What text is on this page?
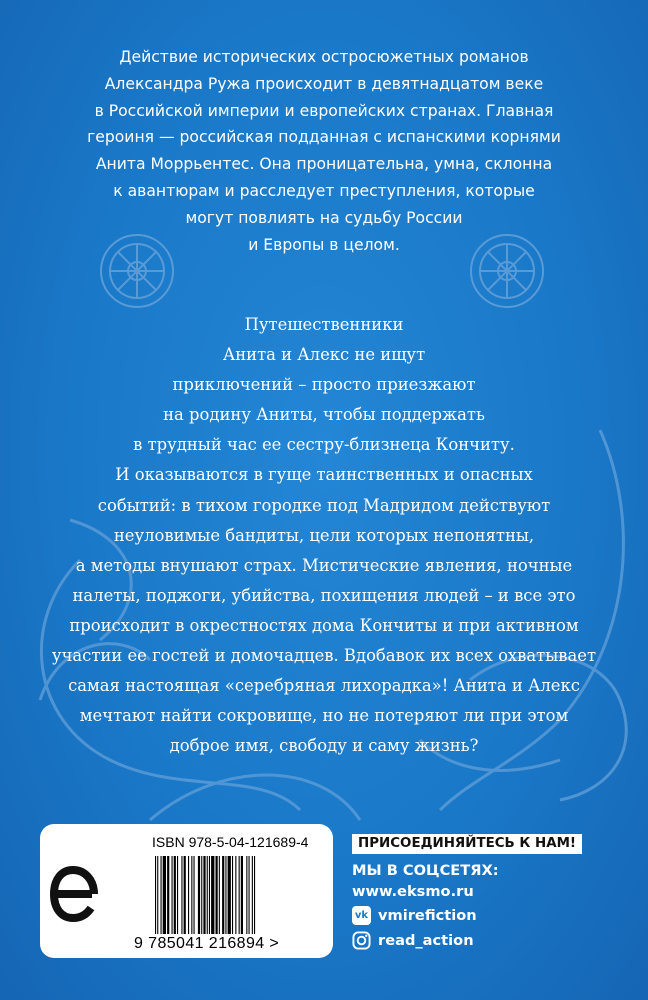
Действие исторических остросюжетных романов
Александра Ружа происходит в девятнадцатом веке
в Российской империи и европейских странах. Главная
героиня — российская подданная с испанскими корнями
Анита Моррьентес. Она проницательна, умна, склонна
к авантюрам и расследует преступления, которые
могут повлиять на судьбу России
и Европы в целом.
Путешественники
Анита и Алекс не ищут
приключений – просто приезжают
на родину Аниты, чтобы поддержать
в трудный час ее сестру-близнеца Кончиту.
И оказываются в гуще таинственных и опасных
событий: в тихом городке под Мадридом действуют
неуловимые бандиты, цели которых непонятны,
а методы внушают страх. Мистические явления, ночные
налеты, поджоги, убийства, похищения людей – и все это
происходит в окрестностях дома Кончиты и при активном
участии ее гостей и домочадцев. Вдобавок их всех охватывает
самая настоящая «серебряная лихорадка»! Анита и Алекс
мечтают найти сокровище, но не потеряют ли при этом
доброе имя, свободу и саму жизнь?
ISBN 978-5-04-121689-4
9 785041 216894 >
ПРИСОЕДИНЯЙТЕСЬ К НАМ!
МЫ В СОЦСЕТЯХ:
www.eksmo.ru
vk vmirefiction
read_action
